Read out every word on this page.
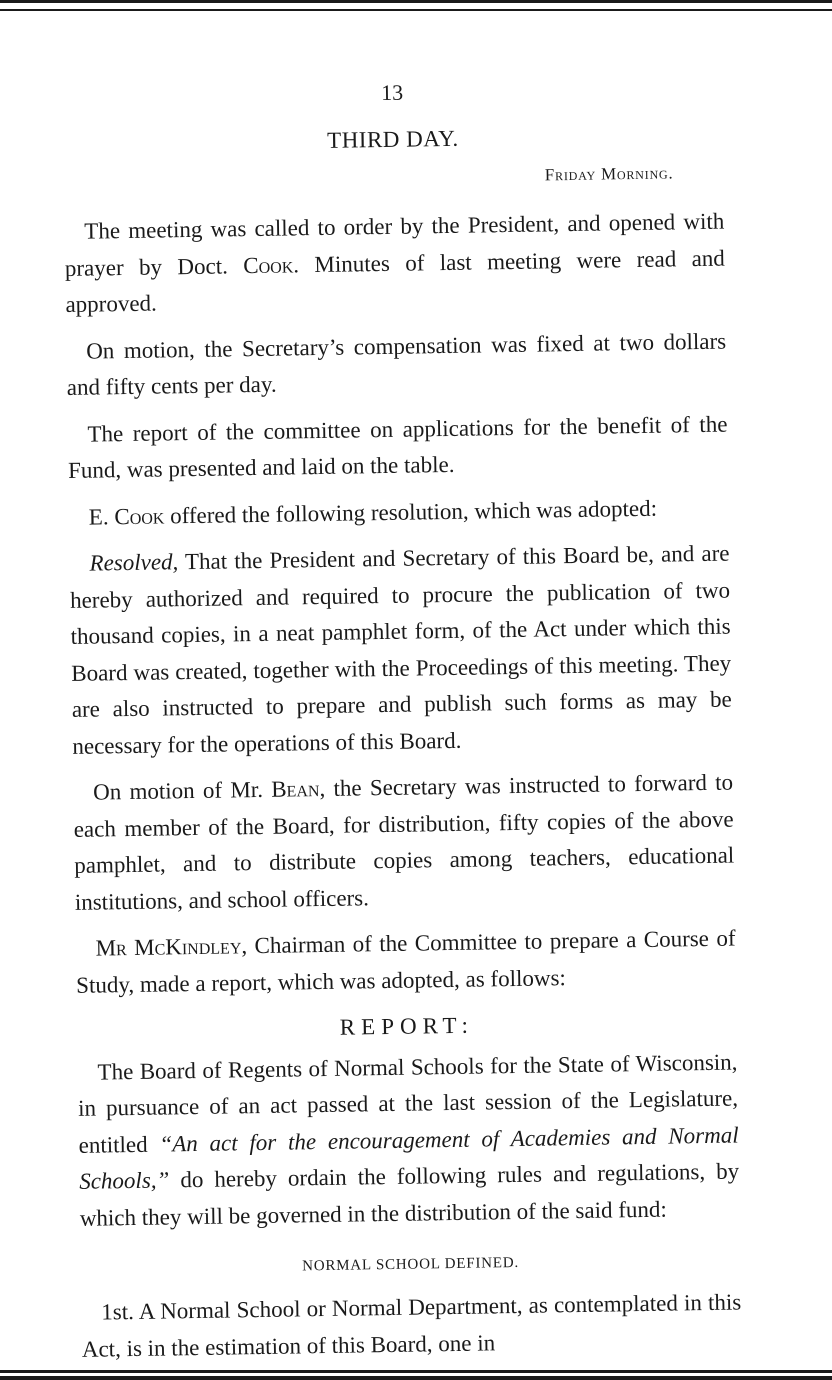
13
THIRD DAY.
Friday Morning.

The meeting was called to order by the President, and opened with prayer by Doct. Cook. Minutes of last meeting were read and approved.

On motion, the Secretary’s compensation was fixed at two dollars and fifty cents per day.

The report of the committee on applications for the benefit of the Fund, was presented and laid on the table.

E. Cook offered the following resolution, which was adopted:

Resolved, That the President and Secretary of this Board be, and are hereby authorized and required to procure the publication of two thousand copies, in a neat pamphlet form, of the Act under which this Board was created, together with the Proceedings of this meeting. They are also instructed to prepare and publish such forms as may be necessary for the operations of this Board.

On motion of Mr. Bean, the Secretary was instructed to forward to each member of the Board, for distribution, fifty copies of the above pamphlet, and to distribute copies among teachers, educational institutions, and school officers.

Mr McKindley, Chairman of the Committee to prepare a Course of Study, made a report, which was adopted, as follows:

REPORT:

The Board of Regents of Normal Schools for the State of Wisconsin, in pursuance of an act passed at the last session of the Legislature, entitled “An act for the encouragement of Academies and Normal Schools,” do hereby ordain the following rules and regulations, by which they will be governed in the distribution of the said fund:

NORMAL SCHOOL DEFINED.

1st. A Normal School or Normal Department, as contemplated in this Act, is in the estimation of this Board, one in
